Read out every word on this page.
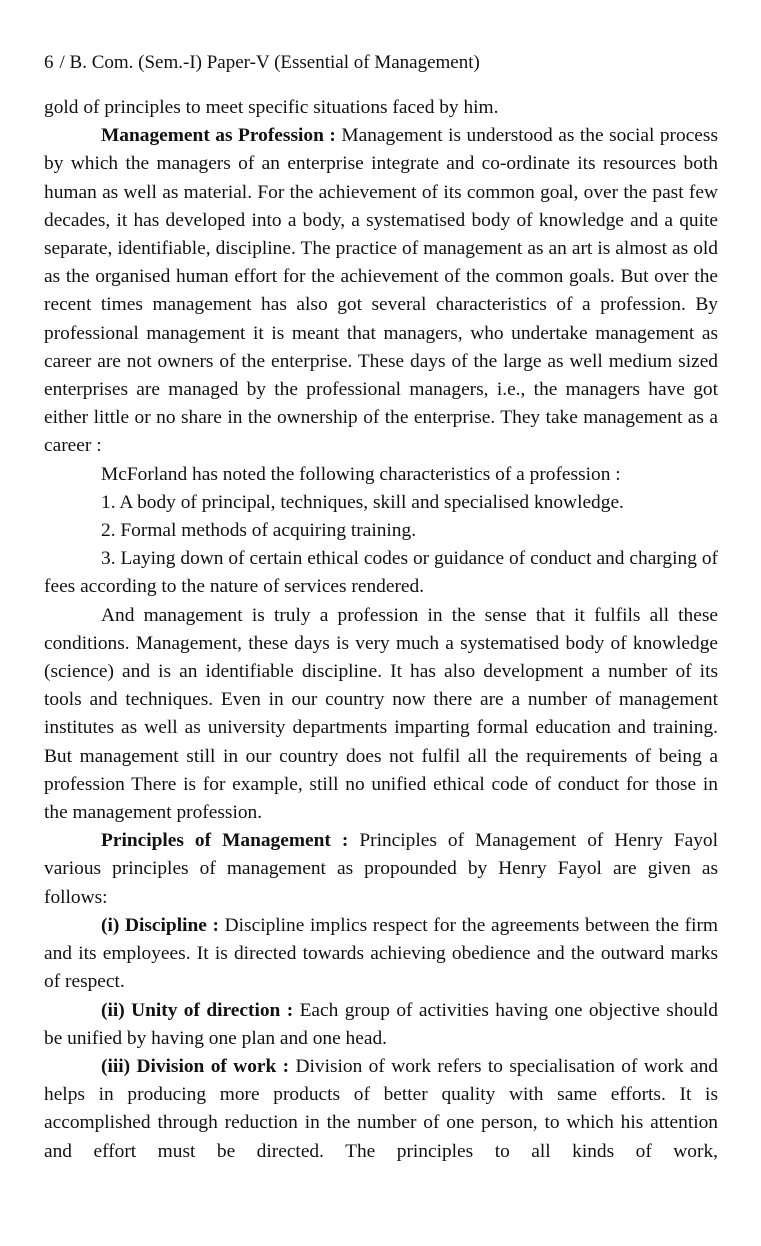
6 / B. Com. (Sem.-I) Paper-V (Essential of Management)

gold of principles to meet specific situations faced by him.

Management as Profession : Management is understood as the social process by which the managers of an enterprise integrate and co-ordinate its resources both human as well as material. For the achievement of its common goal, over the past few decades, it has developed into a body, a systematised body of knowledge and a quite separate, identifiable, discipline. The practice of management as an art is almost as old as the organised human effort for the achievement of the common goals. But over the recent times management has also got several characteristics of a profession. By professional management it is meant that managers, who undertake management as career are not owners of the enterprise. These days of the large as well medium sized enterprises are managed by the professional managers, i.e., the managers have got either little or no share in the ownership of the enterprise. They take management as a career :

McForland has noted the following characteristics of a profession :

1. A body of principal, techniques, skill and specialised knowledge.

2. Formal methods of acquiring training.

3. Laying down of certain ethical codes or guidance of conduct and charging of fees according to the nature of services rendered.

And management is truly a profession in the sense that it fulfils all these conditions. Management, these days is very much a systematised body of knowledge (science) and is an identifiable discipline. It has also development a number of its tools and techniques. Even in our country now there are a number of management institutes as well as university departments imparting formal education and training. But management still in our country does not fulfil all the requirements of being a profession There is for example, still no unified ethical code of conduct for those in the management profession.

Principles of Management : Principles of Management of Henry Fayol various principles of management as propounded by Henry Fayol are given as follows:

(i) Discipline : Discipline implics respect for the agreements between the firm and its employees. It is directed towards achieving obedience and the outward marks of respect.

(ii) Unity of direction : Each group of activities having one objective should be unified by having one plan and one head.

(iii) Division of work : Division of work refers to specialisation of work and helps in producing more products of better quality with same efforts. It is accomplished through reduction in the number of one person, to which his attention and effort must be directed. The principles to all kinds of work,
